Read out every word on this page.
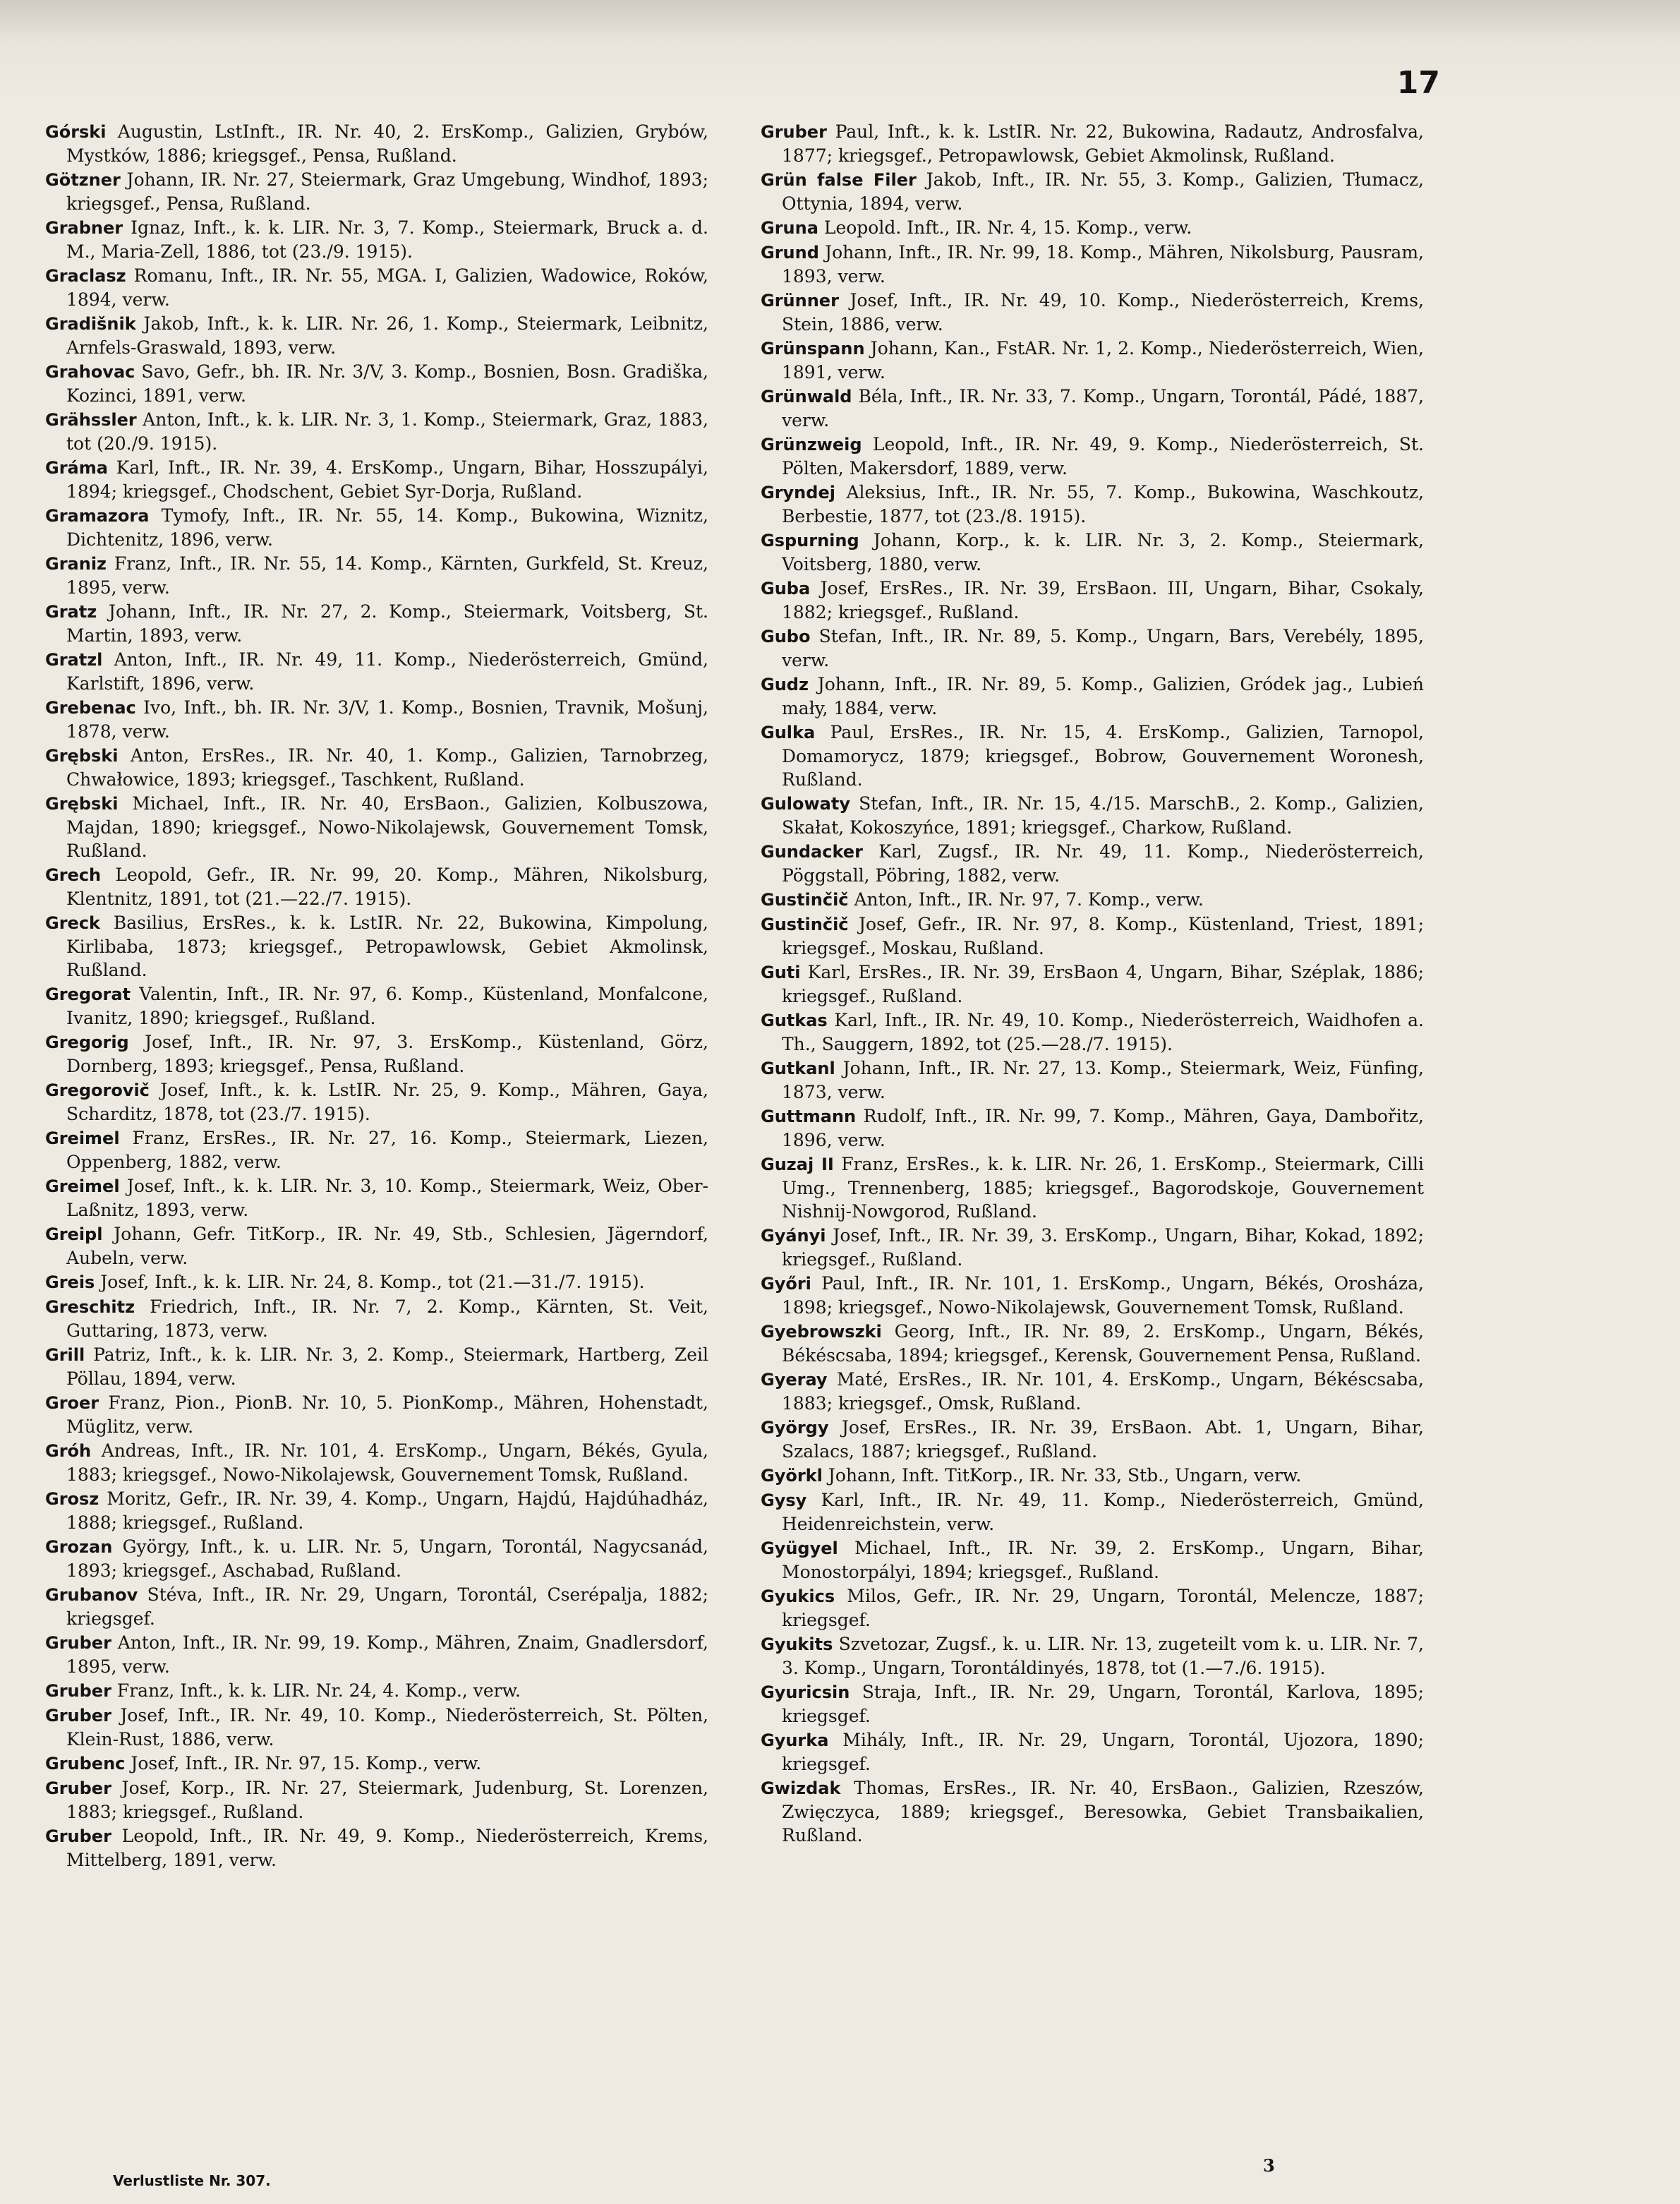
17

Górski Augustin, LstInft., IR. Nr. 40, 2. ErsKomp., Galizien, Grybów, Mystków, 1886; kriegsgef., Pensa, Rußland.

Götzner Johann, IR. Nr. 27, Steiermark, Graz Umgebung, Windhof, 1893; kriegsgef., Pensa, Rußland.

Grabner Ignaz, Inft., k. k. LIR. Nr. 3, 7. Komp., Steiermark, Bruck a. d. M., Maria-Zell, 1886, tot (23./9. 1915).

Graclasz Romanu, Inft., IR. Nr. 55, MGA. I, Galizien, Wadowice, Roków, 1894, verw.

Gradišnik Jakob, Inft., k. k. LIR. Nr. 26, 1. Komp., Steiermark, Leibnitz, Arnfels-Graswald, 1893, verw.

Grahovac Savo, Gefr., bh. IR. Nr. 3/V, 3. Komp., Bosnien, Bosn. Gradiška, Kozinci, 1891, verw.

Grähssler Anton, Inft., k. k. LIR. Nr. 3, 1. Komp., Steiermark, Graz, 1883, tot (20./9. 1915).

Gráma Karl, Inft., IR. Nr. 39, 4. ErsKomp., Ungarn, Bihar, Hosszupályi, 1894; kriegsgef., Chodschent, Gebiet Syr-Dorja, Rußland.

Gramazora Tymofy, Inft., IR. Nr. 55, 14. Komp., Bukowina, Wiznitz, Dichtenitz, 1896, verw.

Graniz Franz, Inft., IR. Nr. 55, 14. Komp., Kärnten, Gurkfeld, St. Kreuz, 1895, verw.

Gratz Johann, Inft., IR. Nr. 27, 2. Komp., Steiermark, Voitsberg, St. Martin, 1893, verw.

Gratzl Anton, Inft., IR. Nr. 49, 11. Komp., Niederösterreich, Gmünd, Karlstift, 1896, verw.

Grebenac Ivo, Inft., bh. IR. Nr. 3/V, 1. Komp., Bosnien, Travnik, Mošunj, 1878, verw.

Grębski Anton, ErsRes., IR. Nr. 40, 1. Komp., Galizien, Tarnobrzeg, Chwałowice, 1893; kriegsgef., Taschkent, Rußland.

Grębski Michael, Inft., IR. Nr. 40, ErsBaon., Galizien, Kolbuszowa, Majdan, 1890; kriegsgef., Nowo-Nikolajewsk, Gouvernement Tomsk, Rußland.

Grech Leopold, Gefr., IR. Nr. 99, 20. Komp., Mähren, Nikolsburg, Klentnitz, 1891, tot (21.—22./7. 1915).

Greck Basilius, ErsRes., k. k. LstIR. Nr. 22, Bukowina, Kimpolung, Kirlibaba, 1873; kriegsgef., Petropawlowsk, Gebiet Akmolinsk, Rußland.

Gregorat Valentin, Inft., IR. Nr. 97, 6. Komp., Küstenland, Monfalcone, Ivanitz, 1890; kriegsgef., Rußland.

Gregorig Josef, Inft., IR. Nr. 97, 3. ErsKomp., Küstenland, Görz, Dornberg, 1893; kriegsgef., Pensa, Rußland.

Gregorovič Josef, Inft., k. k. LstIR. Nr. 25, 9. Komp., Mähren, Gaya, Scharditz, 1878, tot (23./7. 1915).

Greimel Franz, ErsRes., IR. Nr. 27, 16. Komp., Steiermark, Liezen, Oppenberg, 1882, verw.

Greimel Josef, Inft., k. k. LIR. Nr. 3, 10. Komp., Steiermark, Weiz, Ober-Laßnitz, 1893, verw.

Greipl Johann, Gefr. TitKorp., IR. Nr. 49, Stb., Schlesien, Jägerndorf, Aubeln, verw.

Greis Josef, Inft., k. k. LIR. Nr. 24, 8. Komp., tot (21.—31./7. 1915).

Greschitz Friedrich, Inft., IR. Nr. 7, 2. Komp., Kärnten, St. Veit, Guttaring, 1873, verw.

Grill Patriz, Inft., k. k. LIR. Nr. 3, 2. Komp., Steiermark, Hartberg, Zeil Pöllau, 1894, verw.

Groer Franz, Pion., PionB. Nr. 10, 5. PionKomp., Mähren, Hohenstadt, Müglitz, verw.

Gróh Andreas, Inft., IR. Nr. 101, 4. ErsKomp., Ungarn, Békés, Gyula, 1883; kriegsgef., Nowo-Nikolajewsk, Gouvernement Tomsk, Rußland.

Grosz Moritz, Gefr., IR. Nr. 39, 4. Komp., Ungarn, Hajdú, Hajdúhadház, 1888; kriegsgef., Rußland.

Grozan György, Inft., k. u. LIR. Nr. 5, Ungarn, Torontál, Nagycsanád, 1893; kriegsgef., Aschabad, Rußland.

Grubanov Stéva, Inft., IR. Nr. 29, Ungarn, Torontál, Cserépalja, 1882; kriegsgef.

Gruber Anton, Inft., IR. Nr. 99, 19. Komp., Mähren, Znaim, Gnadlersdorf, 1895, verw.

Gruber Franz, Inft., k. k. LIR. Nr. 24, 4. Komp., verw.

Gruber Josef, Inft., IR. Nr. 49, 10. Komp., Niederösterreich, St. Pölten, Klein-Rust, 1886, verw.

Grubenc Josef, Inft., IR. Nr. 97, 15. Komp., verw.

Gruber Josef, Korp., IR. Nr. 27, Steiermark, Judenburg, St. Lorenzen, 1883; kriegsgef., Rußland.

Gruber Leopold, Inft., IR. Nr. 49, 9. Komp., Niederösterreich, Krems, Mittelberg, 1891, verw.

Gruber Paul, Inft., k. k. LstIR. Nr. 22, Bukowina, Radautz, Androsfalva, 1877; kriegsgef., Petropawlowsk, Gebiet Akmolinsk, Rußland.

Grün false Filer Jakob, Inft., IR. Nr. 55, 3. Komp., Galizien, Tłumacz, Ottynia, 1894, verw.

Gruna Leopold. Inft., IR. Nr. 4, 15. Komp., verw.

Grund Johann, Inft., IR. Nr. 99, 18. Komp., Mähren, Nikolsburg, Pausram, 1893, verw.

Grünner Josef, Inft., IR. Nr. 49, 10. Komp., Niederösterreich, Krems, Stein, 1886, verw.

Grünspann Johann, Kan., FstAR. Nr. 1, 2. Komp., Niederösterreich, Wien, 1891, verw.

Grünwald Béla, Inft., IR. Nr. 33, 7. Komp., Ungarn, Torontál, Pádé, 1887, verw.

Grünzweig Leopold, Inft., IR. Nr. 49, 9. Komp., Niederösterreich, St. Pölten, Makersdorf, 1889, verw.

Gryndej Aleksius, Inft., IR. Nr. 55, 7. Komp., Bukowina, Waschkoutz, Berbestie, 1877, tot (23./8. 1915).

Gspurning Johann, Korp., k. k. LIR. Nr. 3, 2. Komp., Steiermark, Voitsberg, 1880, verw.

Guba Josef, ErsRes., IR. Nr. 39, ErsBaon. III, Ungarn, Bihar, Csokaly, 1882; kriegsgef., Rußland.

Gubo Stefan, Inft., IR. Nr. 89, 5. Komp., Ungarn, Bars, Verebély, 1895, verw.

Gudz Johann, Inft., IR. Nr. 89, 5. Komp., Galizien, Gródek jag., Lubień mały, 1884, verw.

Gulka Paul, ErsRes., IR. Nr. 15, 4. ErsKomp., Galizien, Tarnopol, Domamorycz, 1879; kriegsgef., Bobrow, Gouvernement Woronesh, Rußland.

Gulowaty Stefan, Inft., IR. Nr. 15, 4./15. MarschB., 2. Komp., Galizien, Skałat, Kokoszyńce, 1891; kriegsgef., Charkow, Rußland.

Gundacker Karl, Zugsf., IR. Nr. 49, 11. Komp., Niederösterreich, Pöggstall, Pöbring, 1882, verw.

Gustinčič Anton, Inft., IR. Nr. 97, 7. Komp., verw.

Gustinčič Josef, Gefr., IR. Nr. 97, 8. Komp., Küstenland, Triest, 1891; kriegsgef., Moskau, Rußland.

Guti Karl, ErsRes., IR. Nr. 39, ErsBaon 4, Ungarn, Bihar, Széplak, 1886; kriegsgef., Rußland.

Gutkas Karl, Inft., IR. Nr. 49, 10. Komp., Niederösterreich, Waidhofen a. Th., Sauggern, 1892, tot (25.—28./7. 1915).

Gutkanl Johann, Inft., IR. Nr. 27, 13. Komp., Steiermark, Weiz, Fünfing, 1873, verw.

Guttmann Rudolf, Inft., IR. Nr. 99, 7. Komp., Mähren, Gaya, Dambořitz, 1896, verw.

Guzaj II Franz, ErsRes., k. k. LIR. Nr. 26, 1. ErsKomp., Steiermark, Cilli Umg., Trennenberg, 1885; kriegsgef., Bagorodskoje, Gouvernement Nishnij-Nowgorod, Rußland.

Gyányi Josef, Inft., IR. Nr. 39, 3. ErsKomp., Ungarn, Bihar, Kokad, 1892; kriegsgef., Rußland.

Győri Paul, Inft., IR. Nr. 101, 1. ErsKomp., Ungarn, Békés, Orosháza, 1898; kriegsgef., Nowo-Nikolajewsk, Gouvernement Tomsk, Rußland.

Gyebrowszki Georg, Inft., IR. Nr. 89, 2. ErsKomp., Ungarn, Békés, Békéscsaba, 1894; kriegsgef., Kerensk, Gouvernement Pensa, Rußland.

Gyeray Maté, ErsRes., IR. Nr. 101, 4. ErsKomp., Ungarn, Békéscsaba, 1883; kriegsgef., Omsk, Rußland.

György Josef, ErsRes., IR. Nr. 39, ErsBaon. Abt. 1, Ungarn, Bihar, Szalacs, 1887; kriegsgef., Rußland.

Györkl Johann, Inft. TitKorp., IR. Nr. 33, Stb., Ungarn, verw.

Gysy Karl, Inft., IR. Nr. 49, 11. Komp., Niederösterreich, Gmünd, Heidenreichstein, verw.

Gyügyel Michael, Inft., IR. Nr. 39, 2. ErsKomp., Ungarn, Bihar, Monostorpályi, 1894; kriegsgef., Rußland.

Gyukics Milos, Gefr., IR. Nr. 29, Ungarn, Torontál, Melencze, 1887; kriegsgef.

Gyukits Szvetozar, Zugsf., k. u. LIR. Nr. 13, zugeteilt vom k. u. LIR. Nr. 7, 3. Komp., Ungarn, Torontáldinyés, 1878, tot (1.—7./6. 1915).

Gyuricsin Straja, Inft., IR. Nr. 29, Ungarn, Torontál, Karlova, 1895; kriegsgef.

Gyurka Mihály, Inft., IR. Nr. 29, Ungarn, Torontál, Ujozora, 1890; kriegsgef.

Gwizdak Thomas, ErsRes., IR. Nr. 40, ErsBaon., Galizien, Rzeszów, Zwięczyca, 1889; kriegsgef., Beresowka, Gebiet Transbaikalien, Rußland.

3
Verlustliste Nr. 307.
